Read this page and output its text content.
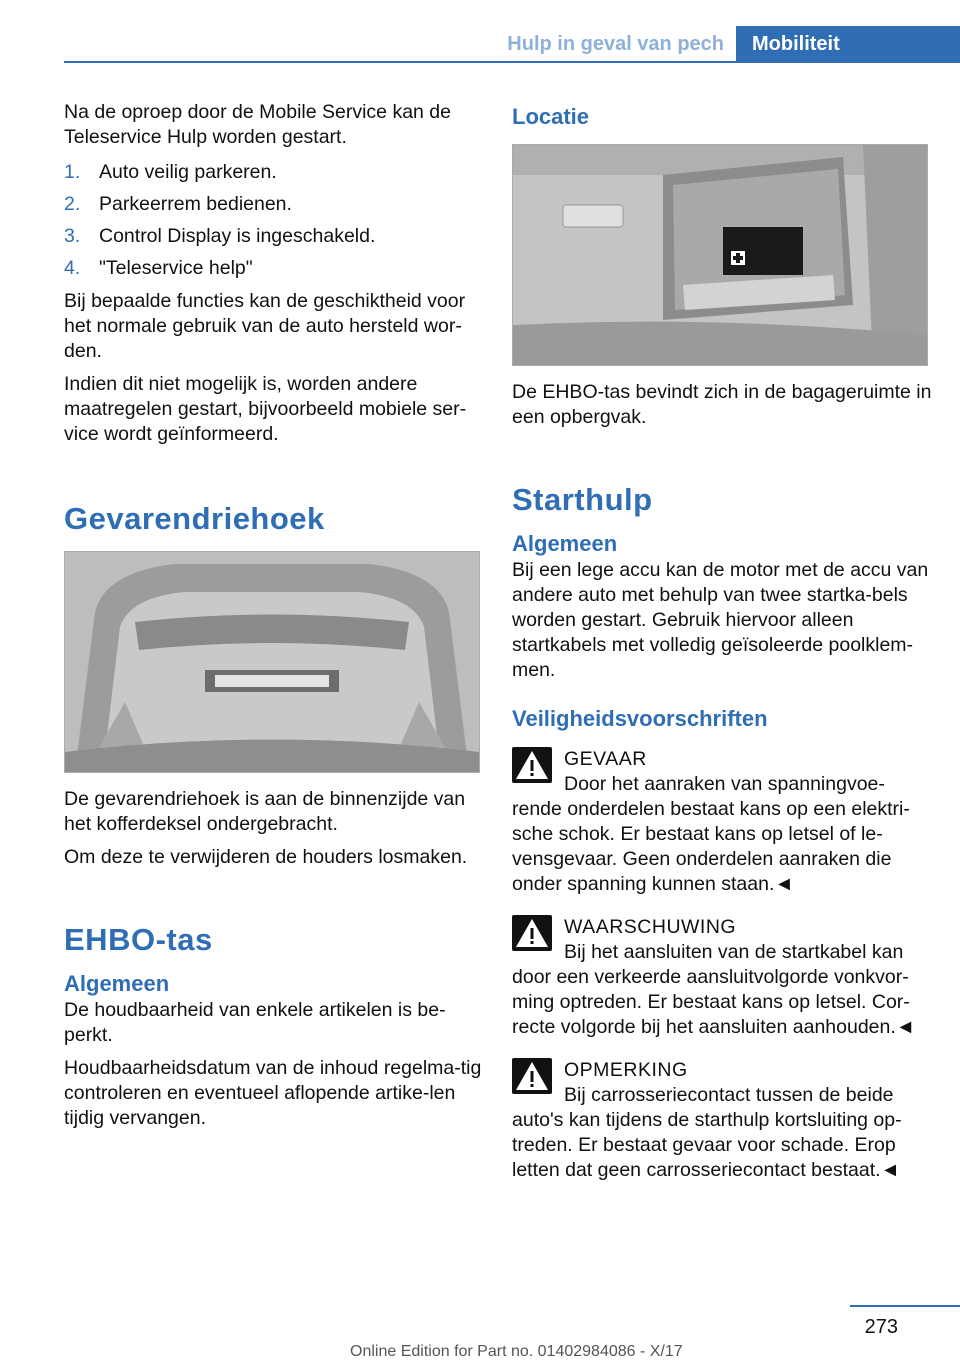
Hulp in geval van pech	Mobiliteit

Na de oproep door de Mobile Service kan de Teleservice Hulp worden gestart.

1. Auto veilig parkeren.
2. Parkeerrem bedienen.
3. Control Display is ingeschakeld.
4. "Teleservice help"

Bij bepaalde functies kan de geschiktheid voor het normale gebruik van de auto hersteld wor-den.

Indien dit niet mogelijk is, worden andere maatregelen gestart, bijvoorbeeld mobiele ser-vice wordt geïnformeerd.

Gevarendriehoek

De gevarendriehoek is aan de binnenzijde van het kofferdeksel ondergebracht.

Om deze te verwijderen de houders losmaken.

EHBO-tas
Algemeen

De houdbaarheid van enkele artikelen is be-perkt.

Houdbaarheidsdatum van de inhoud regelma-tig controleren en eventueel aflopende artike-len tijdig vervangen.

Locatie

De EHBO-tas bevindt zich in de bagageruimte in een opbergvak.

Starthulp
Algemeen

Bij een lege accu kan de motor met de accu van andere auto met behulp van twee startka-bels worden gestart. Gebruik hiervoor alleen startkabels met volledig geïsoleerde poolklem-men.

Veiligheidsvoorschriften
GEVAAR
Door het aanraken van spanningvoe-
rende onderdelen bestaat kans op een elektri-sche schok. Er bestaat kans op letsel of le-vensgevaar. Geen onderdelen aanraken die onder spanning kunnen staan.◄
WAARSCHUWING
Bij het aansluiten van de startkabel kan
door een verkeerde aansluitvolgorde vonkvor-ming optreden. Er bestaat kans op letsel. Cor-recte volgorde bij het aansluiten aanhouden.◄
OPMERKING
Bij carrosseriecontact tussen de beide
auto's kan tijdens de starthulp kortsluiting op-treden. Er bestaat gevaar voor schade. Erop letten dat geen carrosseriecontact bestaat.◄
273
Online Edition for Part no. 01402984086 - X/17
